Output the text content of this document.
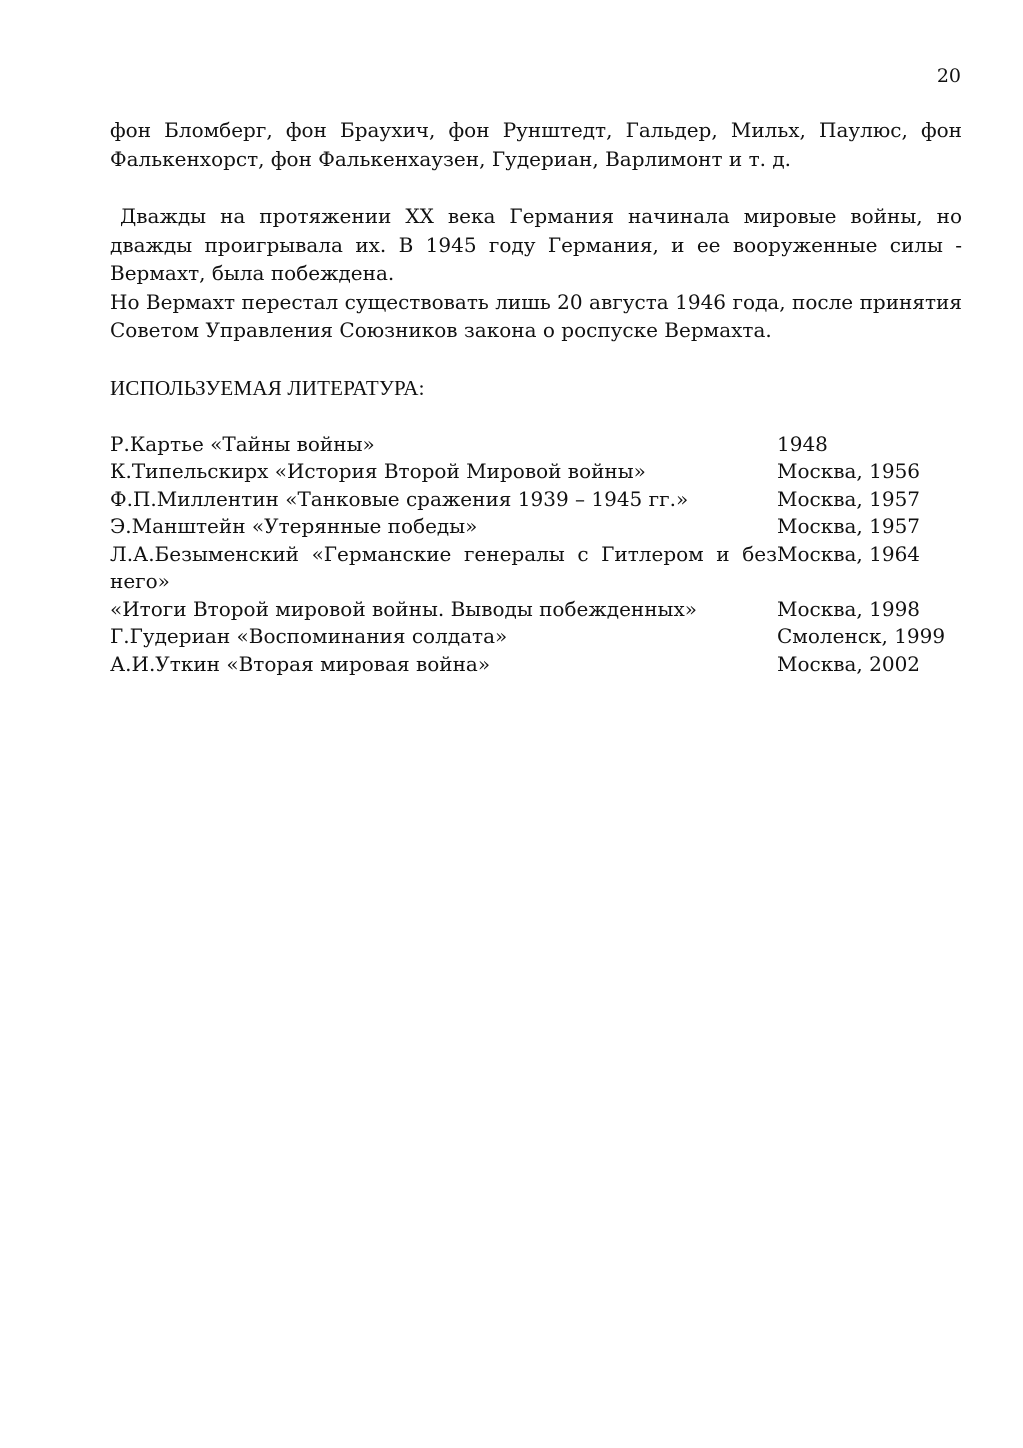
20

фон Бломберг, фон Браухич, фон Рунштедт, Гальдер, Мильх, Паулюс, фон Фалькенхорст, фон Фалькенхаузен, Гудериан, Варлимонт и т. д.

Дважды на протяжении XX века Германия начинала мировые войны, но дважды проигрывала их. В 1945 году Германия, и ее вооруженные силы - Вермахт, была побеждена.

Но Вермахт перестал существовать лишь 20 августа 1946 года, после принятия Советом Управления Союзников закона о роспуске Вермахта.

ИСПОЛЬЗУЕМАЯ ЛИТЕРАТУРА:

Р.Картье «Тайны войны»	1948
К.Типельскирх «История Второй Мировой войны»	Москва, 1956
Ф.П.Миллентин «Танковые сражения 1939 – 1945 гг.»	Москва, 1957
Э.Манштейн «Утерянные победы»	Москва, 1957
Л.А.Безыменский «Германские генералы с Гитлером и без него»	Москва, 1964
«Итоги Второй мировой войны. Выводы побежденных»	Москва, 1998
Г.Гудериан «Воспоминания солдата»	Смоленск, 1999
А.И.Уткин «Вторая мировая война»	Москва, 2002
